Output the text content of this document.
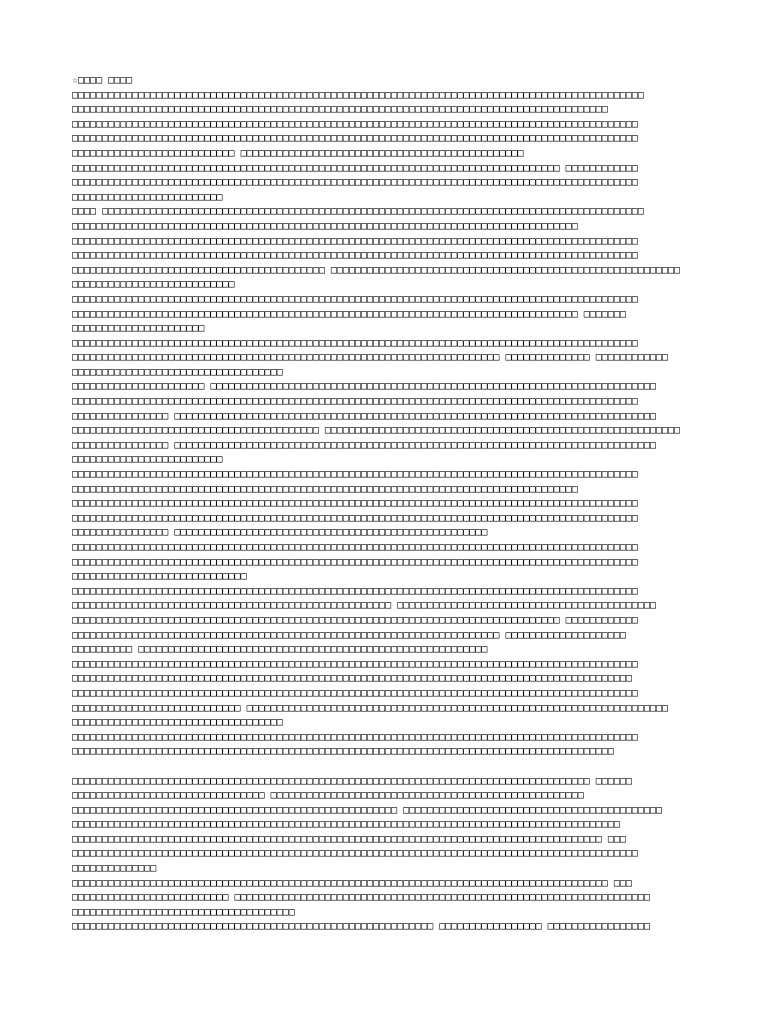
☆□□□□ □□□□
□□□□□□□□□□□□□□□□□□□□□□□□□□□□□□□□□□□□□□□□□□□□□□□□□□□□□□□□□□□□□□□□□□□□□□□□□□□□□□□□□□□□□□□□□□□□□□□
□□□□□□□□□□□□□□□□□□□□□□□□□□□□□□□□□□□□□□□□□□□□□□□□□□□□□□□□□□□□□□□□□□□□□□□□□□□□□□□□□□□□□□□□□
□□□□□□□□□□□□□□□□□□□□□□□□□□□□□□□□□□□□□□□□□□□□□□□□□□□□□□□□□□□□□□□□□□□□□□□□□□□□□□□□□□□□□□□□□□□□□□
□□□□□□□□□□□□□□□□□□□□□□□□□□□□□□□□□□□□□□□□□□□□□□□□□□□□□□□□□□□□□□□□□□□□□□□□□□□□□□□□□□□□□□□□□□□□□□
□□□□□□□□□□□□□□□□□□□□□□□□□□□ □□□□□□□□□□□□□□□□□□□□□□□□□□□□□□□□□□□□□□□□□□□□□□□
□□□□□□□□□□□□□□□□□□□□□□□□□□□□□□□□□□□□□□□□□□□□□□□□□□□□□□□□□□□□□□□□□□□□□□□□□□□□□□□□□ □□□□□□□□□□□□
□□□□□□□□□□□□□□□□□□□□□□□□□□□□□□□□□□□□□□□□□□□□□□□□□□□□□□□□□□□□□□□□□□□□□□□□□□□□□□□□□□□□□□□□□□□□□□
□□□□□□□□□□□□□□□□□□□□□□□□□
□□□□ □□□□□□□□□□□□□□□□□□□□□□□□□□□□□□□□□□□□□□□□□□□□□□□□□□□□□□□□□□□□□□□□□□□□□□□□□□□□□□□□□□□□□□□□□□
□□□□□□□□□□□□□□□□□□□□□□□□□□□□□□□□□□□□□□□□□□□□□□□□□□□□□□□□□□□□□□□□□□□□□□□□□□□□□□□□□□□□
□□□□□□□□□□□□□□□□□□□□□□□□□□□□□□□□□□□□□□□□□□□□□□□□□□□□□□□□□□□□□□□□□□□□□□□□□□□□□□□□□□□□□□□□□□□□□□
□□□□□□□□□□□□□□□□□□□□□□□□□□□□□□□□□□□□□□□□□□□□□□□□□□□□□□□□□□□□□□□□□□□□□□□□□□□□□□□□□□□□□□□□□□□□□□
□□□□□□□□□□□□□□□□□□□□□□□□□□□□□□□□□□□□□□□□□□ □□□□□□□□□□□□□□□□□□□□□□□□□□□□□□□□□□□□□□□□□□□□□□□□□□□□□□□□□□
□□□□□□□□□□□□□□□□□□□□□□□□□□□
□□□□□□□□□□□□□□□□□□□□□□□□□□□□□□□□□□□□□□□□□□□□□□□□□□□□□□□□□□□□□□□□□□□□□□□□□□□□□□□□□□□□□□□□□□□□□□
□□□□□□□□□□□□□□□□□□□□□□□□□□□□□□□□□□□□□□□□□□□□□□□□□□□□□□□□□□□□□□□□□□□□□□□□□□□□□□□□□□□□ □□□□□□□
□□□□□□□□□□□□□□□□□□□□□□
□□□□□□□□□□□□□□□□□□□□□□□□□□□□□□□□□□□□□□□□□□□□□□□□□□□□□□□□□□□□□□□□□□□□□□□□□□□□□□□□□□□□□□□□□□□□□□
□□□□□□□□□□□□□□□□□□□□□□□□□□□□□□□□□□□□□□□□□□□□□□□□□□□□□□□□□□□□□□□□□□□□□□□ □□□□□□□□□□□□□□ □□□□□□□□□□□□
□□□□□□□□□□□□□□□□□□□□□□□□□□□□□□□□□□□
□□□□□□□□□□□□□□□□□□□□□□ □□□□□□□□□□□□□□□□□□□□□□□□□□□□□□□□□□□□□□□□□□□□□□□□□□□□□□□□□□□□□□□□□□□□□□□□□□
□□□□□□□□□□□□□□□□□□□□□□□□□□□□□□□□□□□□□□□□□□□□□□□□□□□□□□□□□□□□□□□□□□□□□□□□□□□□□□□□□□□□□□□□□□□□□□
□□□□□□□□□□□□□□□□ □□□□□□□□□□□□□□□□□□□□□□□□□□□□□□□□□□□□□□□□□□□□□□□□□□□□□□□□□□□□□□□□□□□□□□□□□□□□□□□□
□□□□□□□□□□□□□□□□□□□□□□□□□□□□□□□□□□□□□□□□□ □□□□□□□□□□□□□□□□□□□□□□□□□□□□□□□□□□□□□□□□□□□□□□□□□□□□□□□□□□□
□□□□□□□□□□□□□□□□ □□□□□□□□□□□□□□□□□□□□□□□□□□□□□□□□□□□□□□□□□□□□□□□□□□□□□□□□□□□□□□□□□□□□□□□□□□□□□□□□
□□□□□□□□□□□□□□□□□□□□□□□□□
□□□□□□□□□□□□□□□□□□□□□□□□□□□□□□□□□□□□□□□□□□□□□□□□□□□□□□□□□□□□□□□□□□□□□□□□□□□□□□□□□□□□□□□□□□□□□□
□□□□□□□□□□□□□□□□□□□□□□□□□□□□□□□□□□□□□□□□□□□□□□□□□□□□□□□□□□□□□□□□□□□□□□□□□□□□□□□□□□□□
□□□□□□□□□□□□□□□□□□□□□□□□□□□□□□□□□□□□□□□□□□□□□□□□□□□□□□□□□□□□□□□□□□□□□□□□□□□□□□□□□□□□□□□□□□□□□□
□□□□□□□□□□□□□□□□□□□□□□□□□□□□□□□□□□□□□□□□□□□□□□□□□□□□□□□□□□□□□□□□□□□□□□□□□□□□□□□□□□□□□□□□□□□□□□
□□□□□□□□□□□□□□□□ □□□□□□□□□□□□□□□□□□□□□□□□□□□□□□□□□□□□□□□□□□□□□□□□□□□□
□□□□□□□□□□□□□□□□□□□□□□□□□□□□□□□□□□□□□□□□□□□□□□□□□□□□□□□□□□□□□□□□□□□□□□□□□□□□□□□□□□□□□□□□□□□□□□
□□□□□□□□□□□□□□□□□□□□□□□□□□□□□□□□□□□□□□□□□□□□□□□□□□□□□□□□□□□□□□□□□□□□□□□□□□□□□□□□□□□□□□□□□□□□□□
□□□□□□□□□□□□□□□□□□□□□□□□□□□□□
□□□□□□□□□□□□□□□□□□□□□□□□□□□□□□□□□□□□□□□□□□□□□□□□□□□□□□□□□□□□□□□□□□□□□□□□□□□□□□□□□□□□□□□□□□□□□□
□□□□□□□□□□□□□□□□□□□□□□□□□□□□□□□□□□□□□□□□□□□□□□□□□□□□□ □□□□□□□□□□□□□□□□□□□□□□□□□□□□□□□□□□□□□□□□□□□
□□□□□□□□□□□□□□□□□□□□□□□□□□□□□□□□□□□□□□□□□□□□□□□□□□□□□□□□□□□□□□□□□□□□□□□□□□□□□□□□□ □□□□□□□□□□□□
□□□□□□□□□□□□□□□□□□□□□□□□□□□□□□□□□□□□□□□□□□□□□□□□□□□□□□□□□□□□□□□□□□□□□□□ □□□□□□□□□□□□□□□□□□□□
□□□□□□□□□□ □□□□□□□□□□□□□□□□□□□□□□□□□□□□□□□□□□□□□□□□□□□□□□□□□□□□□□□□□□
□□□□□□□□□□□□□□□□□□□□□□□□□□□□□□□□□□□□□□□□□□□□□□□□□□□□□□□□□□□□□□□□□□□□□□□□□□□□□□□□□□□□□□□□□□□□□□
□□□□□□□□□□□□□□□□□□□□□□□□□□□□□□□□□□□□□□□□□□□□□□□□□□□□□□□□□□□□□□□□□□□□□□□□□□□□□□□□□□□□□□□□□□□□□
□□□□□□□□□□□□□□□□□□□□□□□□□□□□□□□□□□□□□□□□□□□□□□□□□□□□□□□□□□□□□□□□□□□□□□□□□□□□□□□□□□□□□□□□□□□□□□
□□□□□□□□□□□□□□□□□□□□□□□□□□□□ □□□□□□□□□□□□□□□□□□□□□□□□□□□□□□□□□□□□□□□□□□□□□□□□□□□□□□□□□□□□□□□□□□□□□□
□□□□□□□□□□□□□□□□□□□□□□□□□□□□□□□□□□□
□□□□□□□□□□□□□□□□□□□□□□□□□□□□□□□□□□□□□□□□□□□□□□□□□□□□□□□□□□□□□□□□□□□□□□□□□□□□□□□□□□□□□□□□□□□□□□
□□□□□□□□□□□□□□□□□□□□□□□□□□□□□□□□□□□□□□□□□□□□□□□□□□□□□□□□□□□□□□□□□□□□□□□□□□□□□□□□□□□□□□□□□□
□□□□□□□□□□□□□□□□□□□□□□□□□□□□□□□□□□□□□□□□□□□□□□□□□□□□□□□□□□□□□□□□□□□□□□□□□□□□□□□□□□□□□□ □□□□□□
□□□□□□□□□□□□□□□□□□□□□□□□□□□□□□□□ □□□□□□□□□□□□□□□□□□□□□□□□□□□□□□□□□□□□□□□□□□□□□□□□□□□□
□□□□□□□□□□□□□□□□□□□□□□□□□□□□□□□□□□□□□□□□□□□□□□□□□□□□□□ □□□□□□□□□□□□□□□□□□□□□□□□□□□□□□□□□□□□□□□□□□□
□□□□□□□□□□□□□□□□□□□□□□□□□□□□□□□□□□□□□□□□□□□□□□□□□□□□□□□□□□□□□□□□□□□□□□□□□□□□□□□□□□□□□□□□□□□
□□□□□□□□□□□□□□□□□□□□□□□□□□□□□□□□□□□□□□□□□□□□□□□□□□□□□□□□□□□□□□□□□□□□□□□□□□□□□□□□□□□□□□□□ □□□
□□□□□□□□□□□□□□□□□□□□□□□□□□□□□□□□□□□□□□□□□□□□□□□□□□□□□□□□□□□□□□□□□□□□□□□□□□□□□□□□□□□□□□□□□□□□□□
□□□□□□□□□□□□□□
□□□□□□□□□□□□□□□□□□□□□□□□□□□□□□□□□□□□□□□□□□□□□□□□□□□□□□□□□□□□□□□□□□□□□□□□□□□□□□□□□□□□□□□□□ □□□
□□□□□□□□□□□□□□□□□□□□□□□□□□ □□□□□□□□□□□□□□□□□□□□□□□□□□□□□□□□□□□□□□□□□□□□□□□□□□□□□□□□□□□□□□□□□□□□□
□□□□□□□□□□□□□□□□□□□□□□□□□□□□□□□□□□□□□
□□□□□□□□□□□□□□□□□□□□□□□□□□□□□□□□□□□□□□□□□□□□□□□□□□□□□□□□□□□□ □□□□□□□□□□□□□□□□□ □□□□□□□□□□□□□□□□□
